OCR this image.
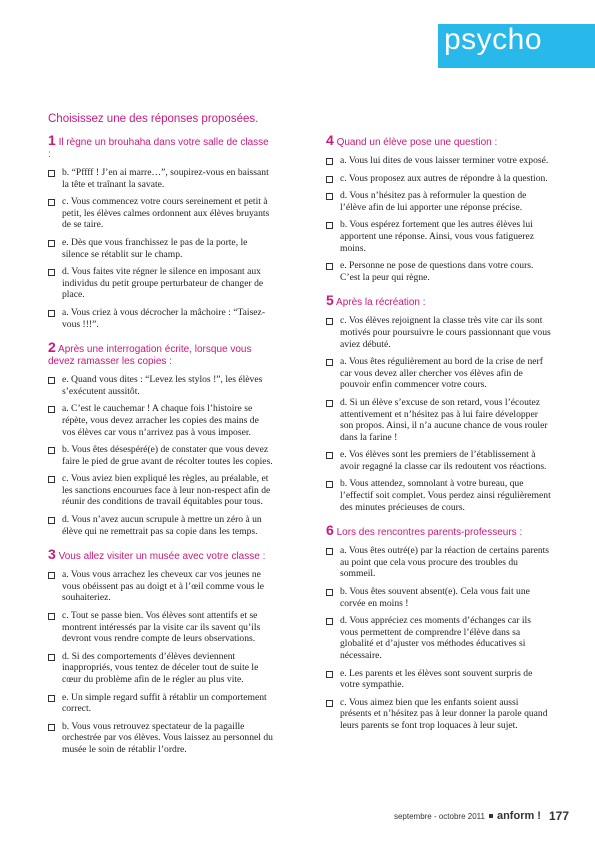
psycho
Choisissez une des réponses proposées.
1 Il règne un brouhaha dans votre salle de classe :
b. “Pffff ! J’en ai marre…”, soupirez-vous en baissant la tête et traînant la savate.
c. Vous commencez votre cours sereinement et petit à petit, les élèves calmes ordonnent aux élèves bruyants de se taire.
e. Dès que vous franchissez le pas de la porte, le silence se rétablit sur le champ.
d. Vous faites vite régner le silence en imposant aux individus du petit groupe perturbateur de changer de place.
a. Vous criez à vous décrocher la mâchoire : “Taisez-vous !!!”.
2 Après une interrogation écrite, lorsque vous devez ramasser les copies :
e. Quand vous dites : “Levez les stylos !”, les élèves s’exécutent aussitôt.
a. C’est le cauchemar ! A chaque fois l’histoire se répète, vous devez arracher les copies des mains de vos élèves car vous n’arrivez pas à vous imposer.
b. Vous êtes désespéré(e) de constater que vous devez faire le pied de grue avant de récolter toutes les copies.
c. Vous aviez bien expliqué les règles, au préalable, et les sanctions encourues face à leur non-respect afin de réunir des conditions de travail équitables pour tous.
d. Vous n’avez aucun scrupule à mettre un zéro à un élève qui ne remettrait pas sa copie dans les temps.
3 Vous allez visiter un musée avec votre classe :
a. Vous vous arrachez les cheveux car vos jeunes ne vous obéissent pas au doigt et à l’œil comme vous le souhaiteriez.
c. Tout se passe bien. Vos élèves sont attentifs et se montrent intéressés par la visite car ils savent qu’ils devront vous rendre compte de leurs observations.
d. Si des comportements d’élèves deviennent inappropriés, vous tentez de déceler tout de suite le cœur du problème afin de le régler au plus vite.
e. Un simple regard suffit à rétablir un comportement correct.
b. Vous vous retrouvez spectateur de la pagaille orchestrée par vos élèves. Vous laissez au personnel du musée le soin de rétablir l’ordre.
4 Quand un élève pose une question :
a. Vous lui dites de vous laisser terminer votre exposé.
c. Vous proposez aux autres de répondre à la question.
d. Vous n’hésitez pas à reformuler la question de l’élève afin de lui apporter une réponse précise.
b. Vous espérez fortement que les autres élèves lui apportent une réponse. Ainsi, vous vous fatiguerez moins.
e. Personne ne pose de questions dans votre cours. C’est la peur qui règne.
5 Après la récréation :
c. Vos élèves rejoignent la classe très vite car ils sont motivés pour poursuivre le cours passionnant que vous aviez débuté.
a. Vous êtes régulièrement au bord de la crise de nerf car vous devez aller chercher vos élèves afin de pouvoir enfin commencer votre cours.
d. Si un élève s’excuse de son retard, vous l’écoutez attentivement et n’hésitez pas à lui faire développer son propos. Ainsi, il n’a aucune chance de vous rouler dans la farine !
e. Vos élèves sont les premiers de l’établissement à avoir regagné la classe car ils redoutent vos réactions.
b. Vous attendez, somnolant à votre bureau, que l’effectif soit complet. Vous perdez ainsi régulièrement des minutes précieuses de cours.
6 Lors des rencontres parents-professeurs :
a. Vous êtes outré(e) par la réaction de certains parents au point que cela vous procure des troubles du sommeil.
b. Vous êtes souvent absent(e). Cela vous fait une corvée en moins !
d. Vous appréciez ces moments d’échanges car ils vous permettent de comprendre l’élève dans sa globalité et d’ajuster vos méthodes éducatives si nécessaire.
e. Les parents et les élèves sont souvent surpris de votre sympathie.
c. Vous aimez bien que les enfants soient aussi présents et n’hésitez pas à leur donner la parole quand leurs parents se font trop loquaces à leur sujet.
septembre - octobre 2011 anform ! 177
